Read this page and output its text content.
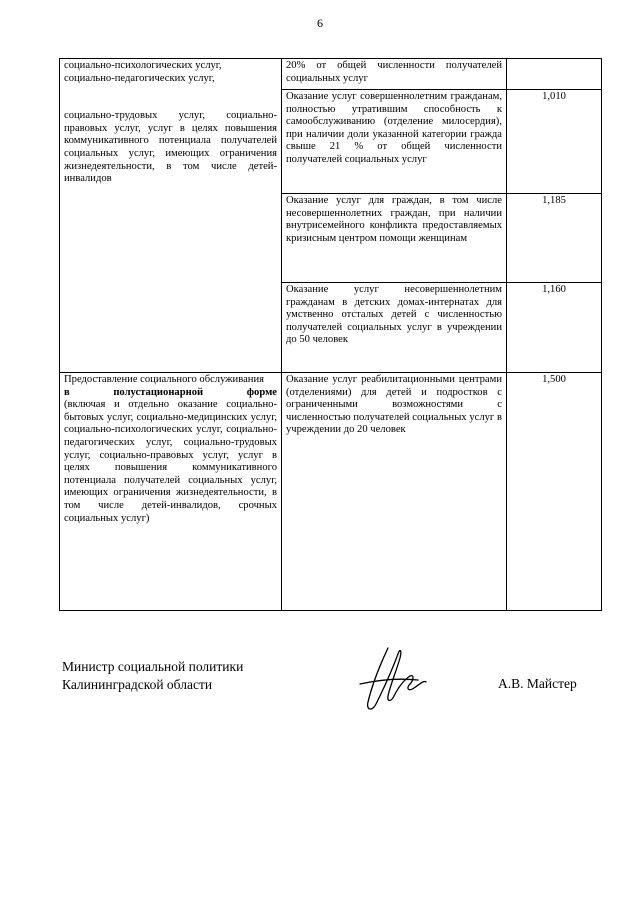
6

социально-психологических услуг,

социально-педагогических услуг,

социально-трудовых услуг, социально-правовых услуг, услуг в целях повышения коммуникативного потенциала получателей социальных услуг, имеющих ограничения жизнедеятельности, в том числе детей-инвалидов	20% от общей численности получателей социальных услуг	
	Оказание услуг совершеннолетним гражданам, полностью утратившим способность к самообслуживанию (отделение милосердия), при наличии доли указанной категории гражда свыше 21 % от общей численности получателей социальных услуг	1,010
	Оказание услуг для граждан, в том числе несовершеннолетних граждан, при наличии внутрисемейного конфликта предоставляемых кризисным центром помощи женщинам	1,185
	Оказание услуг несовершеннолетним гражданам в детских домах-интернатах для умственно отсталых детей с численностью получателей социальных услуг в учреждении до 50 человек	1,160

Предоставление социального обслуживания

в полустационарной форме

(включая и отдельно оказание социально-бытовых услуг, социально-медицинских услуг, социально-психологических услуг, социально-педагогических услуг, социально-трудовых услуг, социально-правовых услуг, услуг в целях повышения коммуникативного потенциала получателей социальных услуг, имеющих ограничения жизнедеятельности, в том числе детей-инвалидов, срочных социальных услуг)	Оказание услуг реабилитационными центрами (отделениями) для детей и подростков с ограниченными возможностями с численностью получателей социальных услуг в учреждении до 20 человек	1,500
Министр социальной политики
Калининградской области	А.В. Майстер
